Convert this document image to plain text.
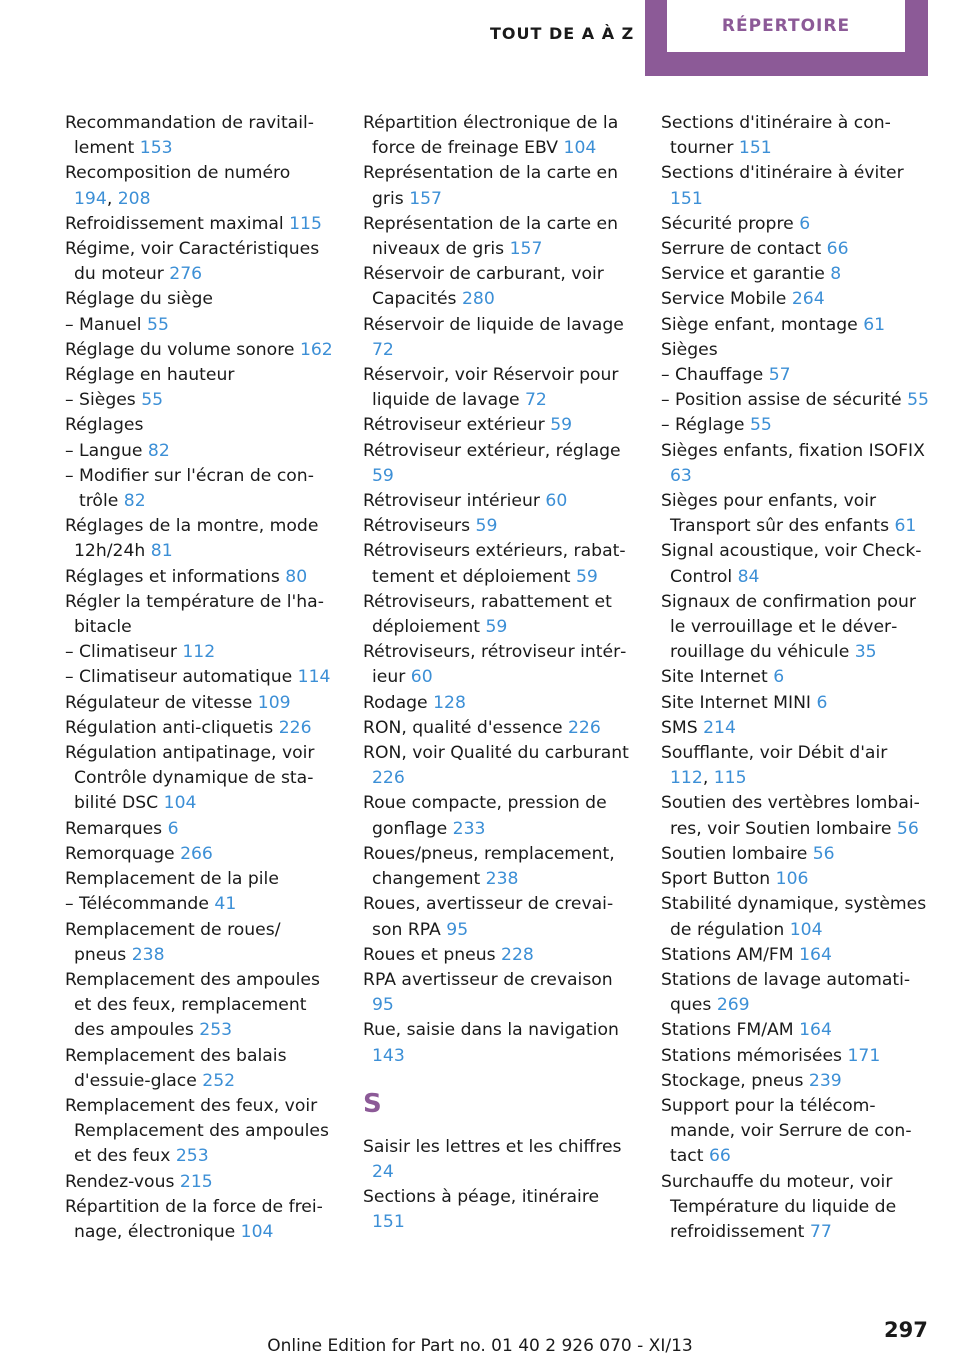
TOUT DE A À Z	RÉPERTOIRE
Recommandation de ravitaillement 153
Recomposition de numéro 194, 208
Refroidissement maximal 115
Régime, voir Caractéristiques du moteur 276
Réglage du siège
– Manuel 55
Réglage du volume sonore 162
Réglage en hauteur
– Sièges 55
Réglages
– Langue 82
– Modifier sur l'écran de contrôle 82
Réglages de la montre, mode 12h/24h 81
Réglages et informations 80
Régler la température de l'habitacle
– Climatiseur 112
– Climatiseur automatique 114
Régulateur de vitesse 109
Régulation anti-cliquetis 226
Régulation antipatinage, voir Contrôle dynamique de stabilité DSC 104
Remarques 6
Remorquage 266
Remplacement de la pile
– Télécommande 41
Remplacement de roues/ pneus 238
Remplacement des ampoules et des feux, remplacement des ampoules 253
Remplacement des balais d'essuie-glace 252
Remplacement des feux, voir Remplacement des ampoules et des feux 253
Rendez-vous 215
Répartition de la force de freinage, électronique 104
Répartition électronique de la force de freinage EBV 104
Représentation de la carte en gris 157
Représentation de la carte en niveaux de gris 157
Réservoir de carburant, voir Capacités 280
Réservoir de liquide de lavage 72
Réservoir, voir Réservoir pour liquide de lavage 72
Rétroviseur extérieur 59
Rétroviseur extérieur, réglage 59
Rétroviseur intérieur 60
Rétroviseurs 59
Rétroviseurs extérieurs, rabattement et déploiement 59
Rétroviseurs, rabattement et déploiement 59
Rétroviseurs, rétroviseur intérieur 60
Rodage 128
RON, qualité d'essence 226
RON, voir Qualité du carburant 226
Roue compacte, pression de gonflage 233
Roues/pneus, remplacement, changement 238
Roues, avertisseur de crevaison RPA 95
Roues et pneus 228
RPA avertisseur de crevaison 95
Rue, saisie dans la navigation 143
S
Saisir les lettres et les chiffres 24
Sections à péage, itinéraire 151
Sections d'itinéraire à contourner 151
Sections d'itinéraire à éviter 151
Sécurité propre 6
Serrure de contact 66
Service et garantie 8
Service Mobile 264
Siège enfant, montage 61
Sièges
– Chauffage 57
– Position assise de sécurité 55
– Réglage 55
Sièges enfants, fixation ISOFIX 63
Sièges pour enfants, voir Transport sûr des enfants 61
Signal acoustique, voir Check-Control 84
Signaux de confirmation pour le verrouillage et le déverrouillage du véhicule 35
Site Internet 6
Site Internet MINI 6
SMS 214
Soufflante, voir Débit d'air 112, 115
Soutien des vertèbres lombaires, voir Soutien lombaire 56
Soutien lombaire 56
Sport Button 106
Stabilité dynamique, systèmes de régulation 104
Stations AM/FM 164
Stations de lavage automatiques 269
Stations FM/AM 164
Stations mémorisées 171
Stockage, pneus 239
Support pour la télécommande, voir Serrure de contact 66
Surchauffe du moteur, voir Température du liquide de refroidissement 77
297
Online Edition for Part no. 01 40 2 926 070 - XI/13
